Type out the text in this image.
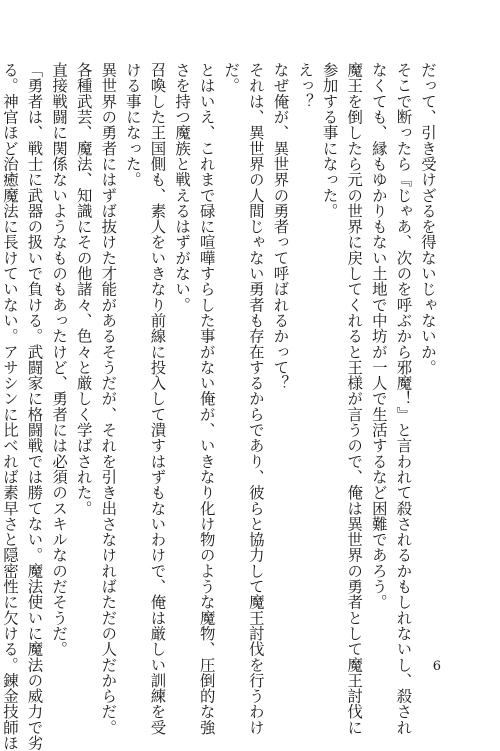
だって、引き受けざるを得ないじゃないか。

そこで断ったら『じゃあ、次のを呼ぶから邪魔！』と言われて殺されるかもしれないし、殺され

なくても、縁もゆかりもない土地で中坊が一人で生活するなど困難であろう。

魔王を倒したら元の世界に戻してくれると王様が言うので、俺は異世界の勇者として魔王討伐に

参加する事になった。

えっ？

なぜ俺が、異世界の勇者って呼ばれるかって？

それは、異世界の人間じゃない勇者も存在するからであり、彼らと協力して魔王討伐を行うわけ

だ。

とはいえ、これまで碌に喧嘩すらした事がない俺が、いきなり化け物のような魔物、圧倒的な強

さを持つ魔族と戦えるはずがない。

召喚した王国側も、素人をいきなり前線に投入して潰すはずもないわけで、俺は厳しい訓練を受

ける事になった。

異世界の勇者にはずば抜けた才能があるそうだが、それを引き出さなければただの人だからだ。

各種武芸、魔法、知識にその他諸々、色々と厳しく学ばされた。

直接戦闘に関係ないようなものもあったけど、勇者には必須のスキルなのだそうだ。

「勇者は、戦士に武器の扱いで負ける。武闘家に格闘戦では勝てない。魔法使いに魔法の威力で劣

る。神官ほど治癒魔法に長けていない。アサシンに比べれば素早さと隠密性に欠ける。錬金技師ほ	6
